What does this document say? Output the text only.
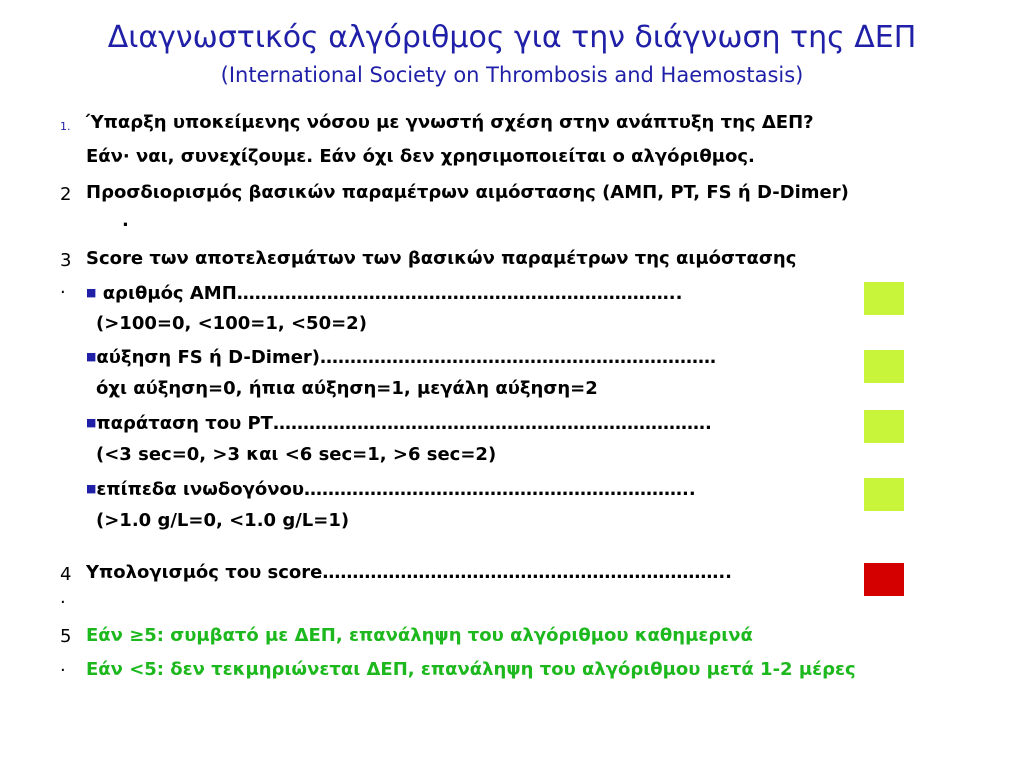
Διαγνωστικός αλγόριθμος για την διάγνωση της ΔΕΠ
(International Society on Thrombosis and Haemostasis)
1. Ύπαρξη υποκείμενης νόσου με γνωστή σχέση στην ανάπτυξη της ΔΕΠ?
Εάν· ναι, συνεχίζουμε. Εάν όχι δεν χρησιμοποιείται ο αλγόριθμος.
2 Προσδιορισμός βασικών παραμέτρων αιμόστασης (ΑΜΠ, PT, FS ή D-Dimer)
.
3 Score των αποτελεσμάτων των βασικών παραμέτρων της αιμόστασης
· ■ αριθμός ΑΜΠ………………………………………………………………..
(>100=0, <100=1, <50=2)
■αύξηση FS ή D-Dimer)…………………………………………………………
όχι αύξηση=0, ήπια αύξηση=1, μεγάλη αύξηση=2
■παράταση του PT……………………………………………………………….
(<3 sec=0, >3 και <6 sec=1, >6 sec=2)
■επίπεδα ινωδογόνου………………………………………………………..
(>1.0 g/L=0, <1.0 g/L=1)
4 Υπολογισμός του score…………………………………………………………..
·
5 Εάν ≥5: συμβατό με ΔΕΠ, επανάληψη του αλγόριθμου καθημερινά
· Εάν <5: δεν τεκμηριώνεται ΔΕΠ, επανάληψη του αλγόριθμου μετά 1-2 μέρες
